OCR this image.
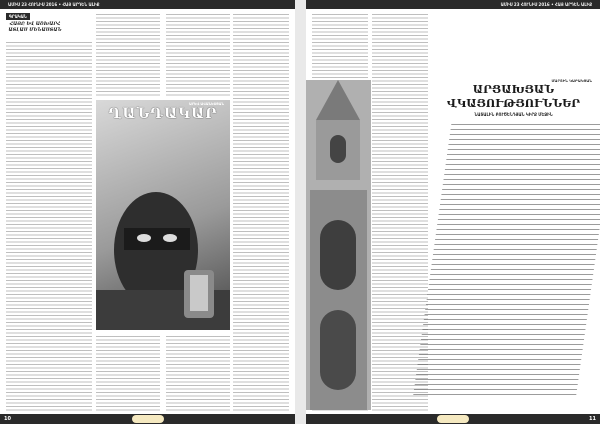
ԱՄԻՍ 23 ՀՈՒՆԻՍ 2016 • ՀԱՅ ԱՐԴԵՆ ԱԼԻՔ
ԳՐԱԿԱՆ
ՀԱՅԸ ԵՎ ԱՇԽԱՐՀ ԱՏԼԱՍ ՄԵՆԱՍՏԱՆ
ՂԱՆԴԱԿԱՐ
ԱՐԵՎ ԱՎԱՆԵՍՅԱՆ
10
ԱՄԻՍ 23 ՀՈՒՆԻՍ 2016 • ՀԱՅ ԱՐԴԵՆ ԱԼԻՔ
ՄԱՐՏԻՆ ԿԱԲԱԿՅԱՆ
ԱՐՑԱԽՅԱՆ
ՎԿԱՅՈՒԹՅՈՒՆՆԵՐ
ՆԱՏԱԼԻՆ ԲՈՒԾԵՆԴՅԱՆ ԿԻՐՔ ՄԵՋԻՆ
11
